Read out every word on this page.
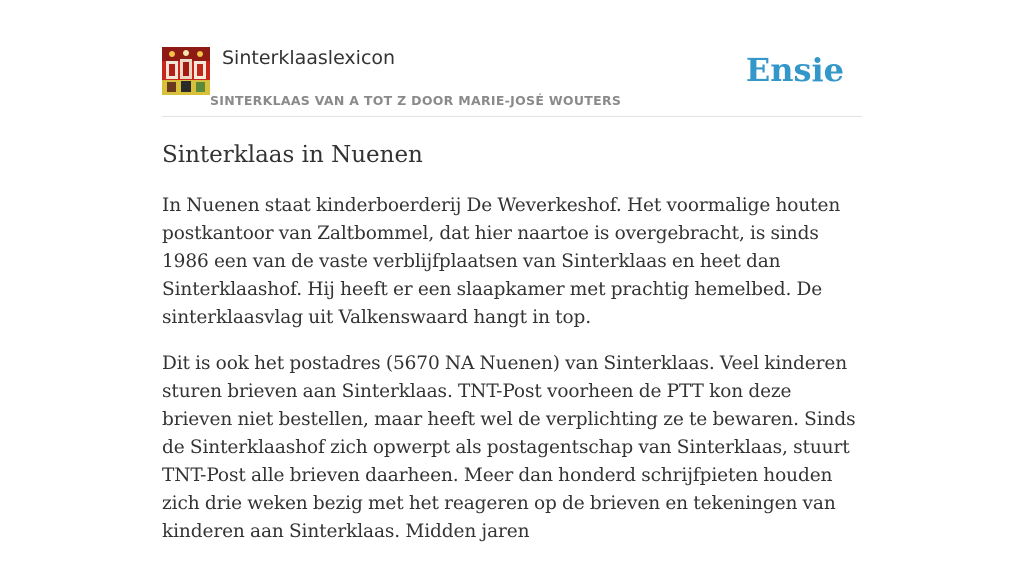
Sinterklaaslexicon
SINTERKLAAS VAN A TOT Z DOOR MARIE-JOSÉ WOUTERS
Ensie
Sinterklaas in Nuenen

In Nuenen staat kinderboerderij De Weverkeshof. Het voormalige houten postkantoor van Zaltbommel, dat hier naartoe is overgebracht, is sinds 1986 een van de vaste verblijfplaatsen van Sinterklaas en heet dan Sinterklaashof. Hij heeft er een slaapkamer met prachtig hemelbed. De sinterklaasvlag uit Valkenswaard hangt in top.

Dit is ook het postadres (5670 NA Nuenen) van Sinterklaas. Veel kinderen sturen brieven aan Sinterklaas. TNT-Post voorheen de PTT kon deze brieven niet bestellen, maar heeft wel de verplichting ze te bewaren. Sinds de Sinterklaashof zich opwerpt als postagentschap van Sinterklaas, stuurt TNT-Post alle brieven daarheen. Meer dan honderd schrijfpieten houden zich drie weken bezig met het reageren op de brieven en tekeningen van kinderen aan Sinterklaas. Midden jaren
